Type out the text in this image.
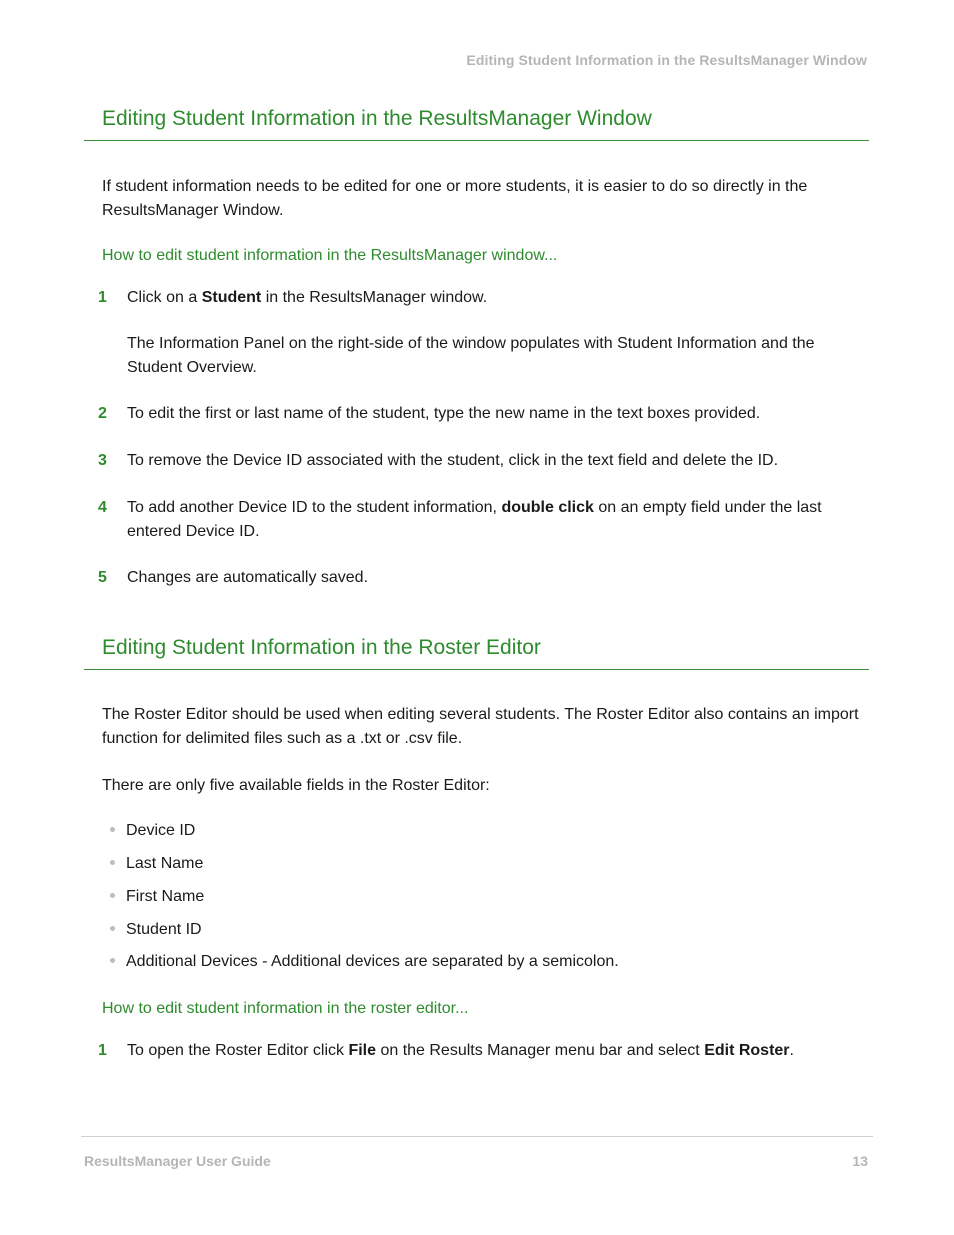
Editing Student Information in the ResultsManager Window
Editing Student Information in the ResultsManager Window

If student information needs to be edited for one or more students, it is easier to do so directly in the ResultsManager Window.

How to edit student information in the ResultsManager window...

1	Click on a Student in the ResultsManager window.
The Information Panel on the right-side of the window populates with Student Information and the Student Overview.
2	To edit the first or last name of the student, type the new name in the text boxes provided.
3	To remove the Device ID associated with the student, click in the text field and delete the ID.
4	To add another Device ID to the student information, double click on an empty field under the last entered Device ID.
5	Changes are automatically saved.
Editing Student Information in the Roster Editor

The Roster Editor should be used when editing several students. The Roster Editor also contains an import function for delimited files such as a .txt or .csv file.

There are only five available fields in the Roster Editor:

Device ID
Last Name
First Name
Student ID
Additional Devices - Additional devices are separated by a semicolon.

How to edit student information in the roster editor...

1	To open the Roster Editor click File on the Results Manager menu bar and select Edit Roster.
ResultsManager User Guide	13
